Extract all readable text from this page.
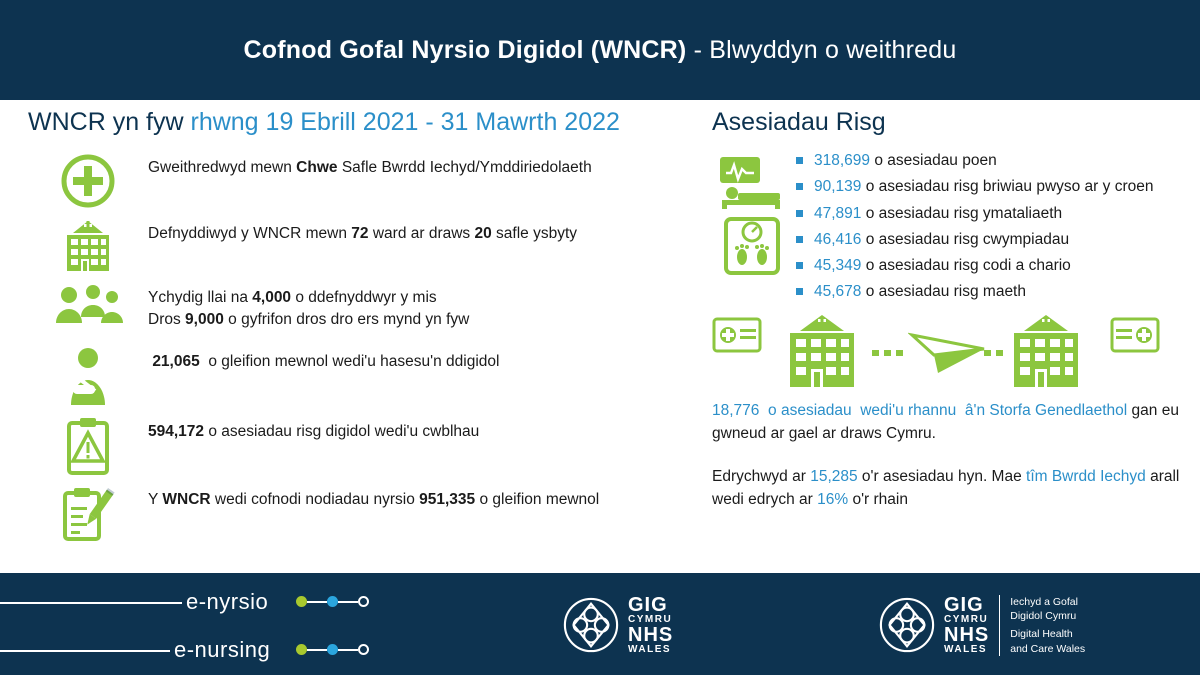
Cofnod Gofal Nyrsio Digidol (WNCR) - Blwyddyn o weithredu
WNCR yn fyw rhwng 19 Ebrill 2021 - 31 Mawrth 2022
Gweithredwyd mewn Chwe Safle Bwrdd Iechyd/Ymddiriedolaeth
Defnyddiwyd y WNCR mewn 72 ward ar draws 20 safle ysbyty
Ychydig llai na 4,000 o ddefnyddwyr y mis
Dros 9,000 o gyfrifon dros dro ers mynd yn fyw
21,065  o gleifion mewnol wedi'u hasesu'n ddigidol
594,172 o asesiadau risg digidol wedi'u cwblhau
Y WNCR wedi cofnodi nodiadau nyrsio 951,335 o gleifion mewnol
Asesiadau Risg
318,699 o asesiadau poen
90,139 o asesiadau risg briwiau pwyso ar y croen
47,891 o asesiadau risg ymataliaeth
46,416 o asesiadau risg cwympiadau
45,349 o asesiadau risg codi a chario
45,678 o asesiadau risg maeth
18,776  o asesiadau  wedi'u rhannu  â'n Storfa Genedlaethol gan eu gwneud ar gael ar draws Cymru.
Edrychwyd ar 15,285 o'r asesiadau hyn. Mae tîm Bwrdd Iechyd arall wedi edrych ar 16% o'r rhain
e-nyrsio
e-nursing
GIG
CYMRU
NHS
WALES
GIG
CYMRU
NHS
WALES
Iechyd a Gofal
Digidol Cymru
Digital Health
and Care Wales
